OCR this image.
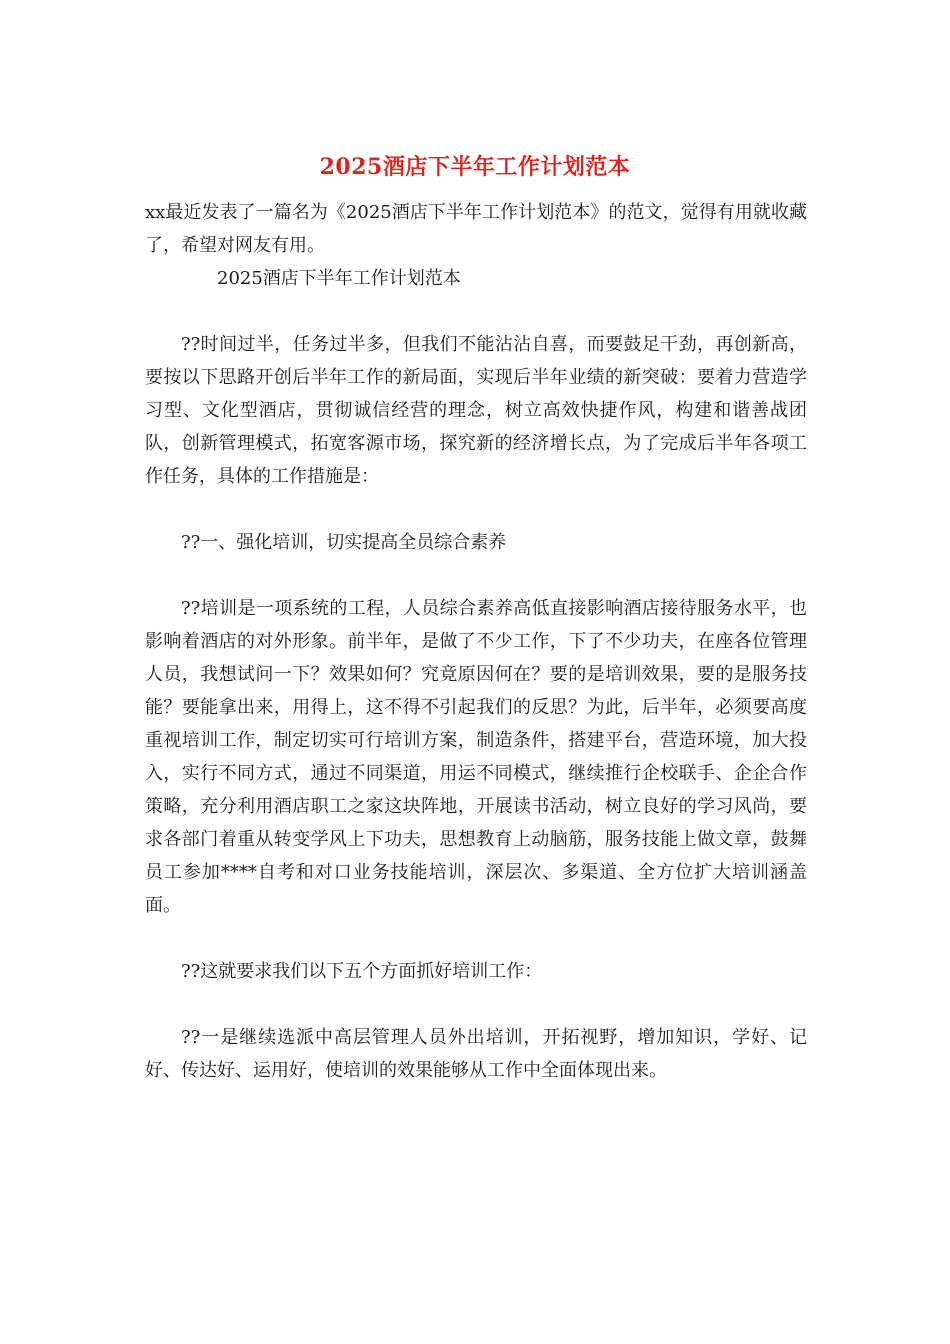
2025酒店下半年工作计划范本

xx最近发表了一篇名为《2025酒店下半年工作计划范本》的范文，觉得有用就收藏了，希望对网友有用。

2025酒店下半年工作计划范本

??时间过半，任务过半多，但我们不能沾沾自喜，而要鼓足干劲，再创新高，要按以下思路开创后半年工作的新局面，实现后半年业绩的新突破：要着力营造学习型、文化型酒店，贯彻诚信经营的理念，树立高效快捷作风，构建和谐善战团队，创新管理模式，拓宽客源市场，探究新的经济增长点，为了完成后半年各项工作任务，具体的工作措施是：

??一、强化培训，切实提高全员综合素养

??培训是一项系统的工程，人员综合素养高低直接影响酒店接待服务水平，也影响着酒店的对外形象。前半年，是做了不少工作，下了不少功夫，在座各位管理人员，我想试问一下？效果如何？究竟原因何在？要的是培训效果，要的是服务技能？要能拿出来，用得上，这不得不引起我们的反思？为此，后半年，必须要高度重视培训工作，制定切实可行培训方案，制造条件，搭建平台，营造环境，加大投入，实行不同方式，通过不同渠道，用运不同模式，继续推行企校联手、企企合作策略，充分利用酒店职工之家这块阵地，开展读书活动，树立良好的学习风尚，要求各部门着重从转变学风上下功夫，思想教育上动脑筋，服务技能上做文章，鼓舞员工参加****自考和对口业务技能培训，深层次、多渠道、全方位扩大培训涵盖面。

??这就要求我们以下五个方面抓好培训工作：

??一是继续选派中高层管理人员外出培训，开拓视野，增加知识，学好、记好、传达好、运用好，使培训的效果能够从工作中全面体现出来。
